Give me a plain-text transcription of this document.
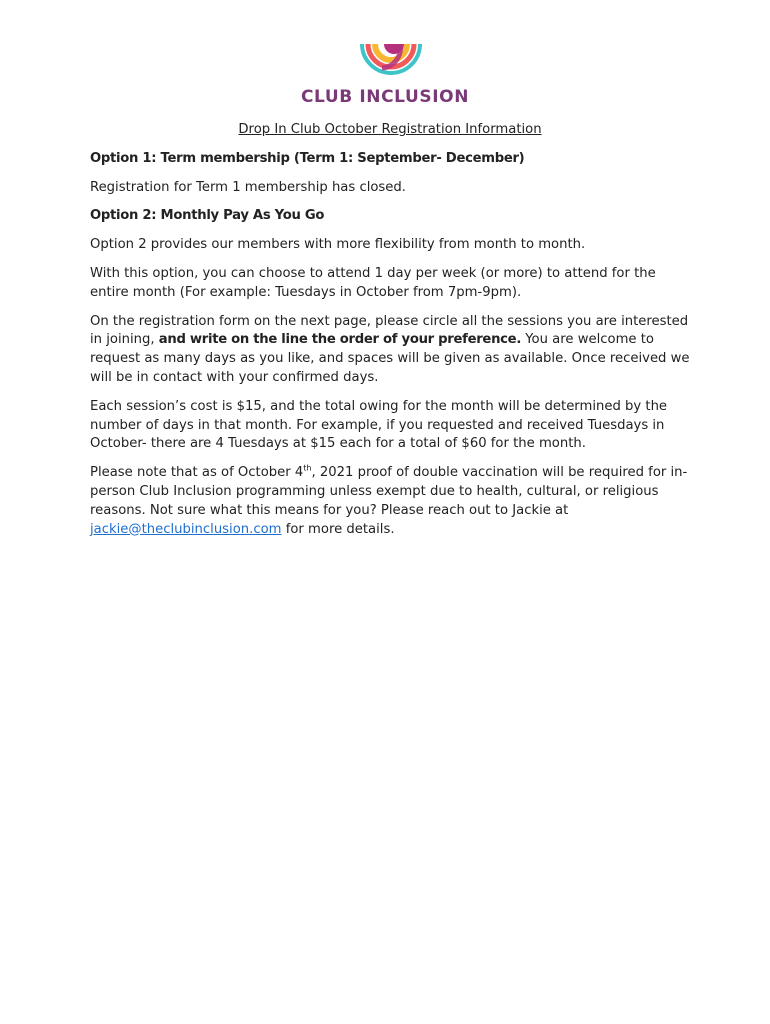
CLUB INCLUSION
Drop In Club October Registration Information
Option 1: Term membership (Term 1: September- December)
Registration for Term 1 membership has closed.
Option 2: Monthly Pay As You Go
Option 2 provides our members with more flexibility from month to month.
With this option, you can choose to attend 1 day per week (or more) to attend for the entire month (For example: Tuesdays in October from 7pm-9pm).
On the registration form on the next page, please circle all the sessions you are interested in joining, and write on the line the order of your preference. You are welcome to request as many days as you like, and spaces will be given as available. Once received we will be in contact with your confirmed days.
Each session’s cost is $15, and the total owing for the month will be determined by the number of days in that month. For example, if you requested and received Tuesdays in October- there are 4 Tuesdays at $15 each for a total of $60 for the month.
Please note that as of October 4th, 2021 proof of double vaccination will be required for in-person Club Inclusion programming unless exempt due to health, cultural, or religious reasons. Not sure what this means for you? Please reach out to Jackie at jackie@theclubinclusion.com for more details.
